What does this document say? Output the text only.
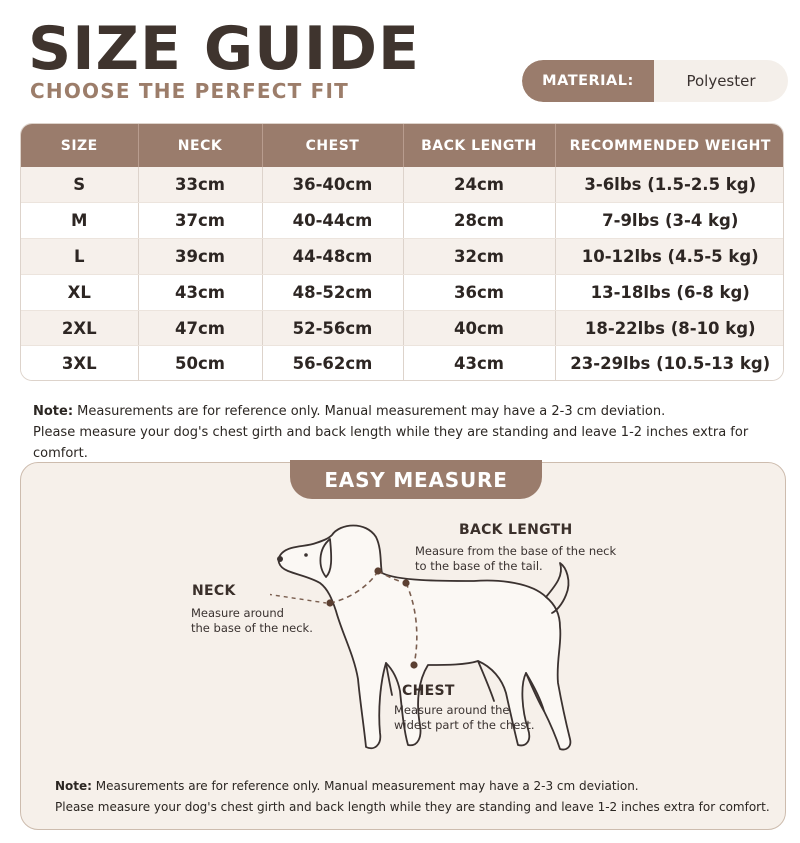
SIZE GUIDE
CHOOSE THE PERFECT FIT	MATERIAL:	Polyester
SIZE	NECK	CHEST	BACK LENGTH	RECOMMENDED WEIGHT
S	33cm	36-40cm	24cm	3-6lbs (1.5-2.5 kg)
M	37cm	40-44cm	28cm	7-9lbs (3-4 kg)
L	39cm	44-48cm	32cm	10-12lbs (4.5-5 kg)
XL	43cm	48-52cm	36cm	13-18lbs (6-8 kg)
2XL	47cm	52-56cm	40cm	18-22lbs (8-10 kg)
3XL	50cm	56-62cm	43cm	23-29lbs (10.5-13 kg)
Note: Measurements are for reference only. Manual measurement may have a 2-3 cm deviation.
Please measure your dog's chest girth and back length while they are standing and leave 1-2 inches extra for comfort.
EASY MEASURE
NECK
Measure around
the base of the neck.
BACK LENGTH
Measure from the base of the neck
to the base of the tail.
CHEST
Measure around the
widest part of the chest.
Note: Measurements are for reference only. Manual measurement may have a 2-3 cm deviation.
Please measure your dog's chest girth and back length while they are standing and leave 1-2 inches extra for comfort.
